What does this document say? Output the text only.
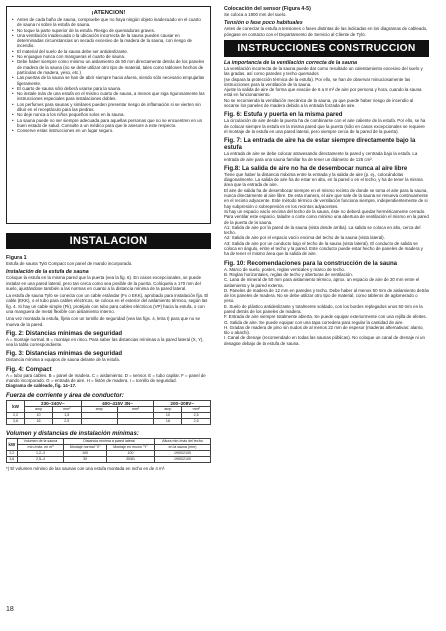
¡ATENCION!
• Antes de cada baño de sauna, compruebe que no haya ningún objeto inadecuado en el cuarto de sauna ni sobre la estufa de sauna.
• No toque la parte superior de la estufa. Riesgo de quemaduras graves.
• Una ventilación inadecuada o la ubicación incorrecta de la sauna pueden causar en determinadas circunstancias un secado excesivo de la madera de la sauna, con riesgo de incendio.
• El material del suelo de la sauna debe ser antideslizante.
• No enjuague nunca con mangueras el cuarto de sauna.
• Debe haber siempre como mínimo un aislamiento de 50 mm directamente detrás de los paneles de madera de la sauna (no se debe utilizar otro tipo de material, tales como tablones hechos de partículas de madera, yeso, etc.)
• Las puertas de la sauna se han de abrir siempre hacia afuera, siendo sólo necesario empujarlas ligeramente.
• El cuarto de sauna sólo deberá usarse para la sauna.
• No instale más de una estufa en el mismo cuarto de sauna, a menos que siga rigurosamente las instrucciones especiales para instalaciones dobles.
• Los perfumes para saunas y similares pueden presentar riesgo de inflamación si se vierten sin diluir en el receptáculo para las piedras.
• No deje nunca a los niños pequeños solos en la sauna.
• La sauna puede no ser siempre adecuada para aquellas personas que no se encuentren en un buen estado de salud. Consulte a un médico para que le asesore a este respecto.
• Conserve estas instrucciones en un lugar seguro.
INSTALACION
Figura 1
Estufa de sauna Tylö Compact con panel de mando incorporado.
Instalación de la estufa de sauna
Coloque la estufa en la misma pared que la puerta (vea la fig. 6). En casos excepcionales, se puede instalar en una pared lateral, pero tan cerca como sea posible de la puerta. Colóquela a 170 mm del suelo, ajustándose también a las normas en cuanto a la distancia mínima de la pared lateral.
La estufa de sauna Tylö se conecta con un cable estándar (Fx o EKK), aprobado para instalación fija. El cable (EKK), o el tubo para cables eléctricos, se coloca en el exterior del aislamiento térmico, según las fig. 4. Si hay un cable simple (Fk), protéjalo con tubo para cables eléctricos (VP) hacia la estufa, o con una manguera de metal flexible con aislamiento interno.
Una vez montada la estufa, fíjela con un tornillo de seguridad (vea las figs. 4, letra I) para que no se mueva de la pared.
Fig. 2: Distancias mínimas de seguridad
A = montaje normal. B = montaje en rinco. Para saber las distancias mínimas a la pared lateral (X, Y), vea la tabla correspondiente.
Fig. 3: Distancias mínimas de seguridad
Distancia mínima a equipos de sauna delante de la estufa.
Fig. 4: Compact
A = tubo para cables. B = panel de madera. C = aislamiento. D = sensor. E = tubo capilar. F = panel de mando incorporado. G = entrada de aire. H = listón de madera. I = tornillo de seguridad.
Diagrama de cableado, fig. 14–17.
Fuerza de corriente y área de conductor:
kW	230–240V~		400–415V 3N~		200–208V~	
	amp	mm²	amp	mm²	amp	mm²
2,2	10	1,5			10	2,5
3,6	16	2,5			18	2,5
Volumen y distancias de instalación mínimas:
kW	Volumen de la sauna	Distancia mínima a pared lateral		Altura min./máx del techo
	mín./máx. en m³	Montaje normal "X"	Montaje en rincón "Y"	en la sauna (mm)
2,2	1,2–3	100	100	1900/2100
3,6	2,5–4	30	30/81	1900/2100
*) El volumen mínimo de las saunas con una estufa montada en nicho es de 4 m³.
Colocación del sensor (Figura 4-5)
Se coloca a 1900 mm del suelo.
Tensión o fase poco habituales
Antes de conectar la estufa a tensiones o fases distintas de las indicadas en los diagramas de cableado, póngase en contacto con el Departamento de Servicio al Cliente de Tylö.
INSTRUCCIONES CONSTRUCCION
La importancia de la ventilación correcta de la sauna
La ventilación incorrecta de la sauna puede dar como resultado un calentamiento excesivo del suelo y las gradas, así como paredes y techo quemados
(se dispara la protección térmica de la estufa). Por ello, se han de observar minuciosamente las instrucciones para la ventilación de la sauna.
Ajuste la salida de aire de forma que evacúe de 6 a 8 m³ de aire por persona y hora, cuando la sauna está en funcionamiento.
No se recomienda la ventilación mecánica de la sauna, ya que puede haber riesgo de incendio al secarse los paneles de madera debido a la entrada forzada de aire.
Fig. 6: Estufa y puerta en la misma pared
La circulación de aire desde la puerta ha de combinarse con el aire caliente de la estufa. Por ello, se ha de colocar siempre la estufa en la misma pared que la puerta (sólo en casos excepcionales se requiere el montaje de la estufa en una pared lateral, pero siempre cerca de la pared de la puerta).
Fig. 7: La entrada de aire ha de estar siempre directamente bajo la estufa
La entrada de aire se debe colocar atravesando directamente la pared y centrada bajo la estufa. La entrada de aire para una sauna familiar ha de tener un diámetro de 125 cm².
Fig.8: La salida de aire no ha de desembocar nunca al aire libre
Tiene que haber la distancia máxima entre la entrada y la salida de aire (p. ej., colocándolas diagonalmente. La salida de aire ha de estar en alto, en la pared o en el techo, y ha de tener la misma área que la entrada de aire.
El aire de salida ha de desembocar siempre en el mismo recinto de donde se toma el aire para la sauna, nunca directamente al aire libre. De esta manera, el aire que sale de la sauna se renueva continuamente en el recinto adyacente. Este método térmico de ventilación funciona siempre, independientemente de si hay subpresión o sobrepresión en los recintos adyacentes.
Si hay un espacio vacío encima del techo de la sauna, éste no deberá quedar herméticamente cerrado. Para ventilar este espacio, taladre o corte como mínimo una abertura de ventilación el mismo en la pared de la puerta de la sauna.
A1: Salida de aire por la pared de la sauna (vista desde arriba). La salida se coloca en alto, cerca del techo.
A2: Salida de aire por el espacio vacío encima del techo de la sauna (vista lateral).
A3: Salida de aire por un conducto bajo el techo de la sauna (vista lateral). El conducto de salida se coloca en ángulo, entre el techo y la pared. Este conducto puede estar hecho de paneles de madera y ha de tener el mismo área que la salida de aire.
Fig. 10: Recomendaciones para la construcción de la sauna
A. Marco de suelo, postes, reglas verticales y marco de techo.
B. Reglas horizontales, reglas de techo y aberturas de ventilación.
C. Lana de mineral de 50 mm para aislamiento térmico, aprox. un espacio de aire de 20 mm entre el aislamiento y la pared externa.
D. Paneles de madera de 12 mm en paredes y techo. Debe haber al menos 50 mm de aislamiento detrás de los paneles de madera. No se debe utilizar otro tipo de material, como tableros de aglomerado o yeso.
E. Suelo de plástico antideslizante y totalmente soldado, con los bordes replegados unos 50 mm en la pared detrás de los paneles de madera.
F. Entrada de aire siempre totalmente abierta. Se puede equipar exteriormente con una rejilla de afeites.
G. Salida de aire. Se puede equipar con una tapa corredera para regular la cantidad de aire.
H. Gradas de madera de pino sin nudos de al menos 22 mm de espesor (maderas alternativas: alamo, tilo o abachi).
I. Canal de drenaje (recomendado en todas las saunas públicas). No coloque un canal de drenaje ni un desagüe debajo de la estufa de sauna.
18
